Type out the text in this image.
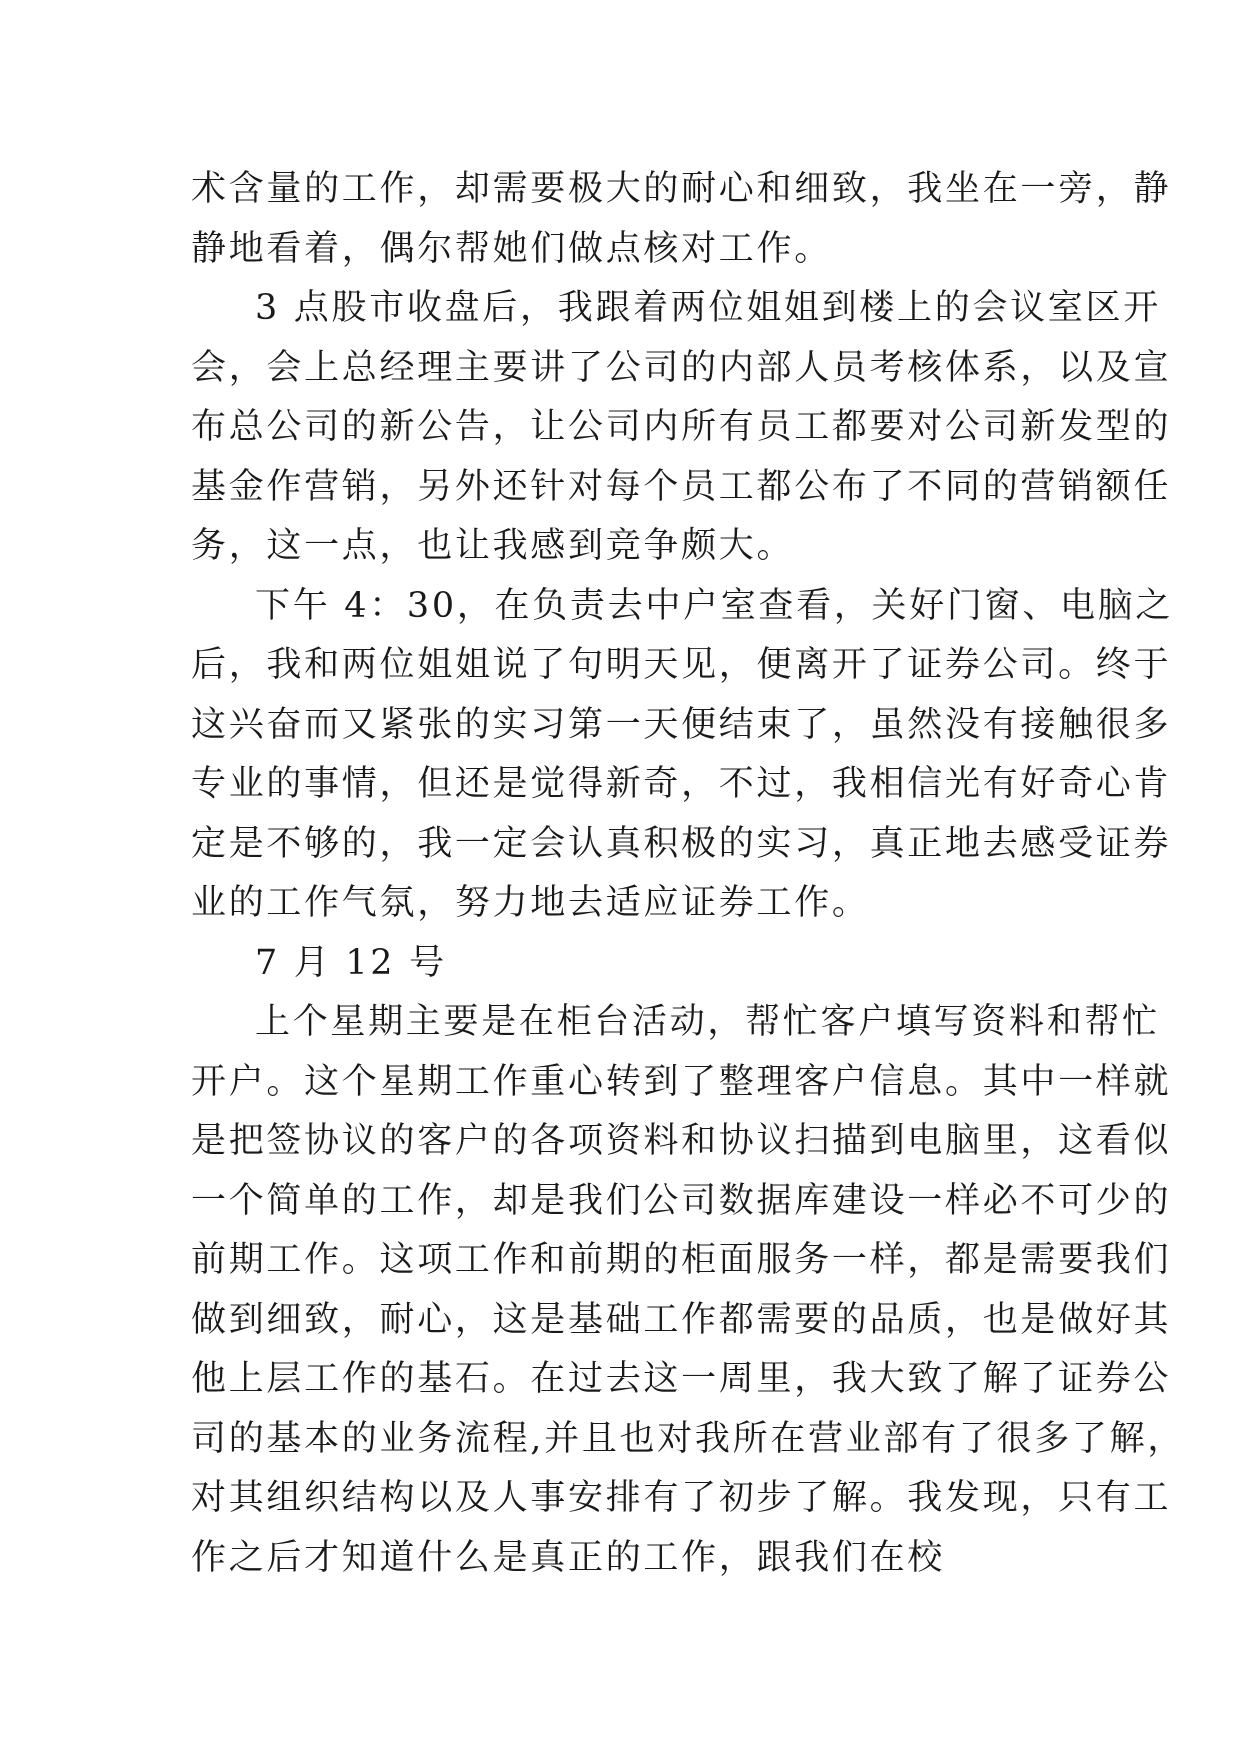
术含量的工作，却需要极大的耐心和细致，我坐在一旁，静
静地看着，偶尔帮她们做点核对工作。
3 点股市收盘后，我跟着两位姐姐到楼上的会议室区开
会，会上总经理主要讲了公司的内部人员考核体系，以及宣
布总公司的新公告，让公司内所有员工都要对公司新发型的
基金作营销，另外还针对每个员工都公布了不同的营销额任
务，这一点，也让我感到竞争颇大。
下午 4：30，在负责去中户室查看，关好门窗、电脑之
后，我和两位姐姐说了句明天见，便离开了证券公司。终于
这兴奋而又紧张的实习第一天便结束了，虽然没有接触很多
专业的事情，但还是觉得新奇，不过，我相信光有好奇心肯
定是不够的，我一定会认真积极的实习，真正地去感受证券
业的工作气氛，努力地去适应证券工作。
7 月 12 号
上个星期主要是在柜台活动，帮忙客户填写资料和帮忙
开户。这个星期工作重心转到了整理客户信息。其中一样就
是把签协议的客户的各项资料和协议扫描到电脑里，这看似
一个简单的工作，却是我们公司数据库建设一样必不可少的
前期工作。这项工作和前期的柜面服务一样，都是需要我们
做到细致，耐心，这是基础工作都需要的品质，也是做好其
他上层工作的基石。在过去这一周里，我大致了解了证券公
司的基本的业务流程,并且也对我所在营业部有了很多了解，
对其组织结构以及人事安排有了初步了解。我发现，只有工
作之后才知道什么是真正的工作，跟我们在校
